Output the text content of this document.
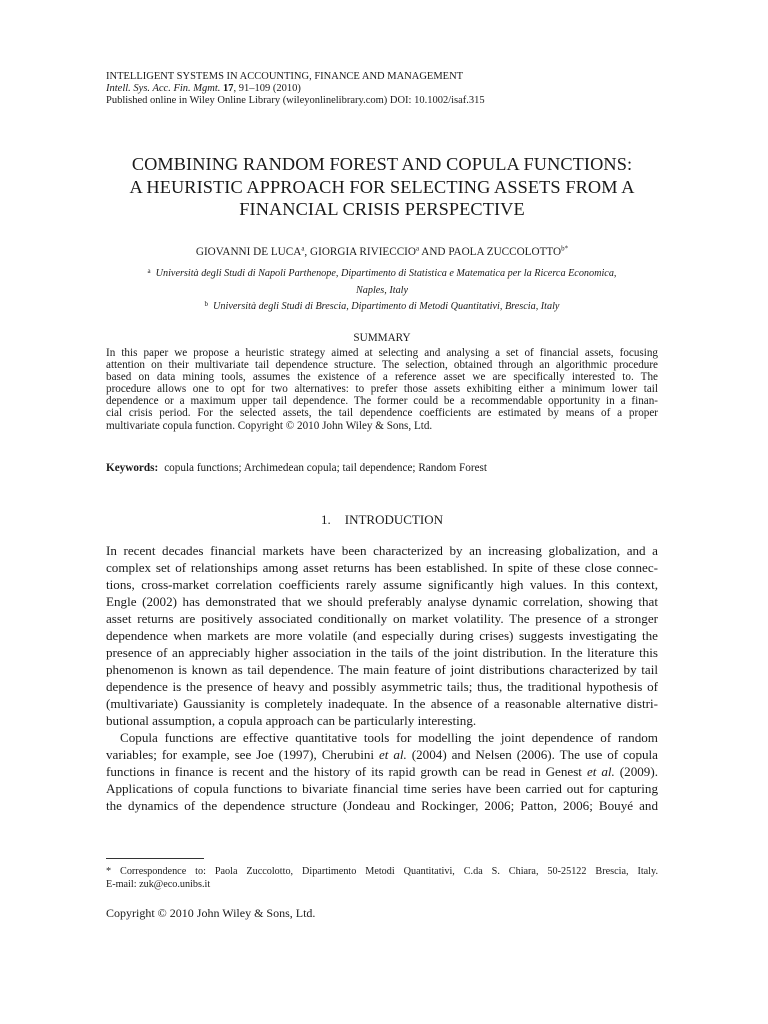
INTELLIGENT SYSTEMS IN ACCOUNTING, FINANCE AND MANAGEMENT
Intell. Sys. Acc. Fin. Mgmt. 17, 91–109 (2010)
Published online in Wiley Online Library (wileyonlinelibrary.com) DOI: 10.1002/isaf.315
COMBINING RANDOM FOREST AND COPULA FUNCTIONS:
A HEURISTIC APPROACH FOR SELECTING ASSETS FROM A
FINANCIAL CRISIS PERSPECTIVE
GIOVANNI DE LUCA$^a$, GIORGIA RIVIECCIO$^a$ AND PAOLA $ZUCCOLOTTO^{b*}$
$^a$ Università degli Studi di Napoli Parthenope, Dipartimento di Statistica e Matematica per la Ricerca Economica,
Naples, Italy
$^b$ Università degli Studi di Brescia, Dipartimento di Metodi Quantitativi, Brescia, Italy
SUMMARY
In this paper we propose a heuristic strategy aimed at selecting and analysing a set of financial assets, focusing
attention on their multivariate tail dependence structure. The selection, obtained through an algorithmic procedure
based on data mining tools, assumes the existence of a reference asset we are specifically interested to. The
procedure allows one to opt for two alternatives: to prefer those assets exhibiting either a minimum lower tail
dependence or a maximum upper tail dependence. The former could be a recommendable opportunity in a finan-
cial crisis period. For the selected assets, the tail dependence coefficients are estimated by means of a proper
multivariate copula function. Copyright © 2010 John Wiley & Sons, Ltd.
Keywords: copula functions; Archimedean copula; tail dependence; Random Forest
1. INTRODUCTION
In recent decades financial markets have been characterized by an increasing globalization, and a
complex set of relationships among asset returns has been established. In spite of these close connec-
tions, cross-market correlation coefficients rarely assume significantly high values. In this context,
Engle (2002) has demonstrated that we should preferably analyse dynamic correlation, showing that
asset returns are positively associated conditionally on market volatility. The presence of a stronger
dependence when markets are more volatile (and especially during crises) suggests investigating the
presence of an appreciably higher association in the tails of the joint distribution. In the literature this
phenomenon is known as tail dependence. The main feature of joint distributions characterized by tail
dependence is the presence of heavy and possibly asymmetric tails; thus, the traditional hypothesis of
(multivariate) Gaussianity is completely inadequate. In the absence of a reasonable alternative distri-
butional assumption, a copula approach can be particularly interesting.
Copula functions are effective quantitative tools for modelling the joint dependence of random
variables; for example, see Joe (1997), Cherubini et al. (2004) and Nelsen (2006). The use of copula
functions in finance is recent and the history of its rapid growth can be read in Genest et al. (2009).
Applications of copula functions to bivariate financial time series have been carried out for capturing
the dynamics of the dependence structure (Jondeau and Rockinger, 2006; Patton, 2006; Bouyé and
* Correspondence to: Paola Zuccolotto, Dipartimento Metodi Quantitativi, C.da S. Chiara, 50-25122 Brescia, Italy.
E-mail: zuk@eco.unibs.it
Copyright © 2010 John Wiley & Sons, Ltd.
